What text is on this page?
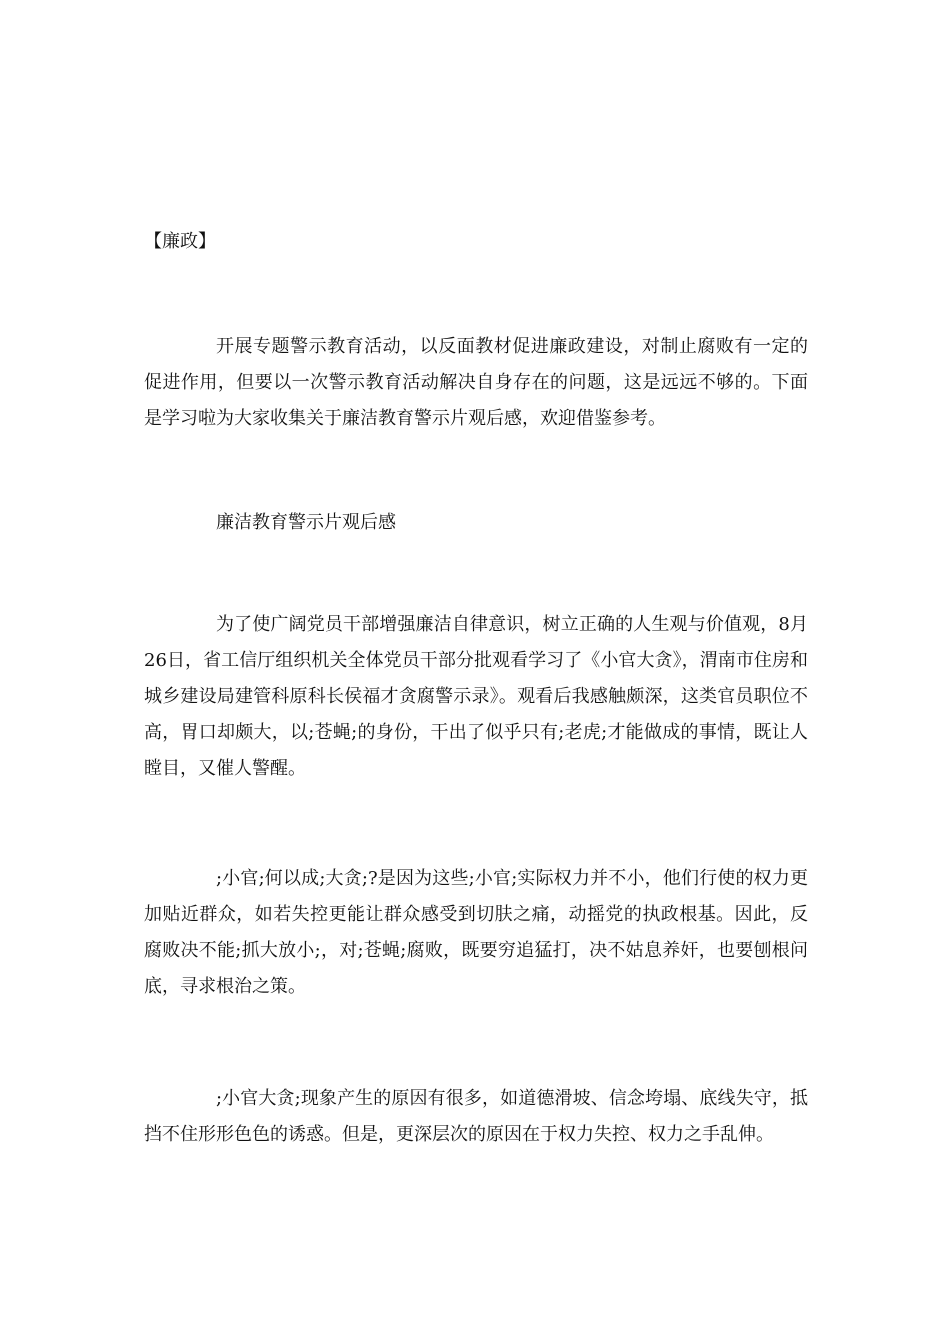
【廉政】

开展专题警示教育活动，以反面教材促进廉政建设，对制止腐败有一定的促进作用，但要以一次警示教育活动解决自身存在的问题，这是远远不够的。下面是学习啦为大家收集关于廉洁教育警示片观后感，欢迎借鉴参考。

廉洁教育警示片观后感

为了使广阔党员干部增强廉洁自律意识，树立正确的人生观与价值观，8月26日，省工信厅组织机关全体党员干部分批观看学习了《小官大贪》，渭南市住房和城乡建设局建管科原科长侯福才贪腐警示录》。观看后我感触颇深，这类官员职位不高，胃口却颇大，以;苍蝇;的身份，干出了似乎只有;老虎;才能做成的事情，既让人瞠目，又催人警醒。

;小官;何以成;大贪;?是因为这些;小官;实际权力并不小，他们行使的权力更加贴近群众，如若失控更能让群众感受到切肤之痛，动摇党的执政根基。因此，反腐败决不能;抓大放小;，对;苍蝇;腐败，既要穷追猛打，决不姑息养奸，也要刨根问底，寻求根治之策。

;小官大贪;现象产生的原因有很多，如道德滑坡、信念垮塌、底线失守，抵挡不住形形色色的诱惑。但是，更深层次的原因在于权力失控、权力之手乱伸。
